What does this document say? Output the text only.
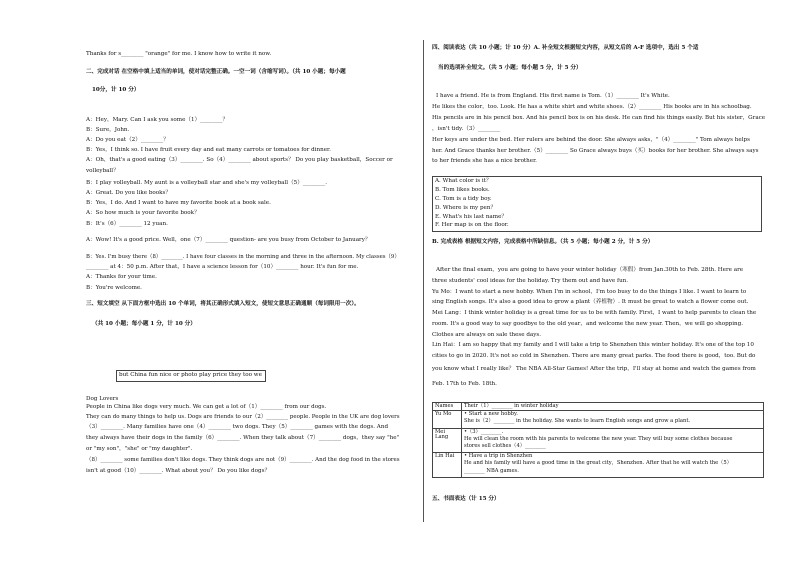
Thanks for s________ "orange" for me. I know how to write it now.
二、完成对话 在空格中填上适当的单词，使对话完整正确。一空一词（含缩写词）。（共 10 小题；每小题
10分，计 10 分）
A：Hey，Mary. Can I ask you some（1）________？
B：Sure，John.
A：Do you eat（2）________？
B：Yes，I think so. I have fruit every day and eat many carrots or tomatoes for dinner.
A：Oh，that's a good eating（3）________. So（4）________ about sports？ Do you play basketball，Soccer or
volleyball？
B：I play volleyball. My aunt is a volleyball star and she's my volleyball（5）________.
A：Great. Do you like books？
B：Yes，I do. And I want to have my favorite book at a book sale.
A：So how much is your favorite book？
B：It's（6）________ 12 yuan.
A：Wow! It's a good price. Well，one（7）________ question- are you busy from October to January？
B：Yes. I'm busy there（8）________. I have four classes in the morning and three in the afternoon. My classes（9）
________ at 4：50 p.m. After that，I have a science lesson for（10）________ hour. It's fun for me.
A：Thanks for your time.
B：You're welcome.
三、短文填空 从下面方框中选出 10 个单词，将其正确形式填入短文，使短文意思正确通顺（每词限用一次）。
（共 10 小题；每小题 1 分，计 10 分）
but China fun nice or photo play price they too we
Dog Lovers
People in China like dogs very much. We can get a lot of（1）________ from our dogs.
They can do many things to help us. Dogs are friends to our（2）________ people. People in the UK are dog lovers
（3）________. Many families have one（4）________ two dogs. They（5）________ games with the dogs. And
they always have their dogs in the family（6）________. When they talk about（7）________ dogs，they say "he"
or "my son"，"she" or "my daughter".
（8）________ some families don't like dogs. They think dogs are not（9）________. And the dog food in the stores
isn't at good（10）________. What about you？ Do you like dogs？
四、阅读表达（共 10 小题；计 10 分）A. 补全短文根据短文内容，从短文后的 A-F 选项中，选出 5 个适
当的选项补全短文。（共 5 小题；每小题 5 分，计 5 分）
I have a friend. He is from England. His first name is Tom.（1）________ It's White.
He likes the color，too. Look. He has a white shirt and white shoes.（2）________ His books are in his schoolbag.
His pencils are in his pencil box. And his pencil box is on his desk. He can find his things easily. But his sister，Grace
，isn't tidy.（3）________
Her keys are under the bed. Her rulers are behind the door. She always asks，"（4）________" Tom always helps
her. And Grace thanks her brother.（5）________ So Grace always buys（买）books for her brother. She always says
to her friends she has a nice brother.
A. What color is it？
B. Tom likes books.
C. Tom is a tidy boy.
D. Where is my pen？
E. What's his last name？
F. Her map is on the floor.
B. 完成表格 根据短文内容，完成表格中所缺信息。（共 5 小题；每小题 2 分，计 5 分）
After the final exam，you are going to have your winter holiday（寒假）from Jan.30th to Feb. 28th. Here are
three students' cool ideas for the holiday. Try them out and have fun.
Yu Mo：I want to start a new hobby. When I'm in school，I'm too busy to do the things I like. I want to learn to
sing English songs. It's also a good idea to grow a plant（养植物）. It must be great to watch a flower come out.
Mei Lang：I think winter holiday is a great time for us to be with family. First，I want to help parents to clean the
room. It's a good way to say goodbye to the old year，and welcome the new year. Then，we will go shopping.
Clothes are always on sale these days.
Lin Hai：I am so happy that my family and I will take a trip to Shenzhen this winter holiday. It's one of the top 10
cities to go in 2020. It's not so cold in Shenzhen. There are many great parks. The food there is good，too. But do
you know what I really like？ The NBA All-Star Games! After the trip，I'll stay at home and watch the games from
Feb. 17th to Feb. 18th.
Names	Their（1）________ in winter holiday
Yu Mo	• Start a new hobby.

She is（2）________ in the holiday. She wants to learn English songs and grow a plant.

Mei Lang	•（3）________.

He will clean the room with his parents to welcome the new year. They will buy some clothes because

stores sell clothes（4）________

Lin Hai	• Have a trip in Shenzhen

He and his family will have a good time in the great city，Shenzhen. After that he will watch the（5）

________ NBA games.

五、书面表达（计 15 分）
